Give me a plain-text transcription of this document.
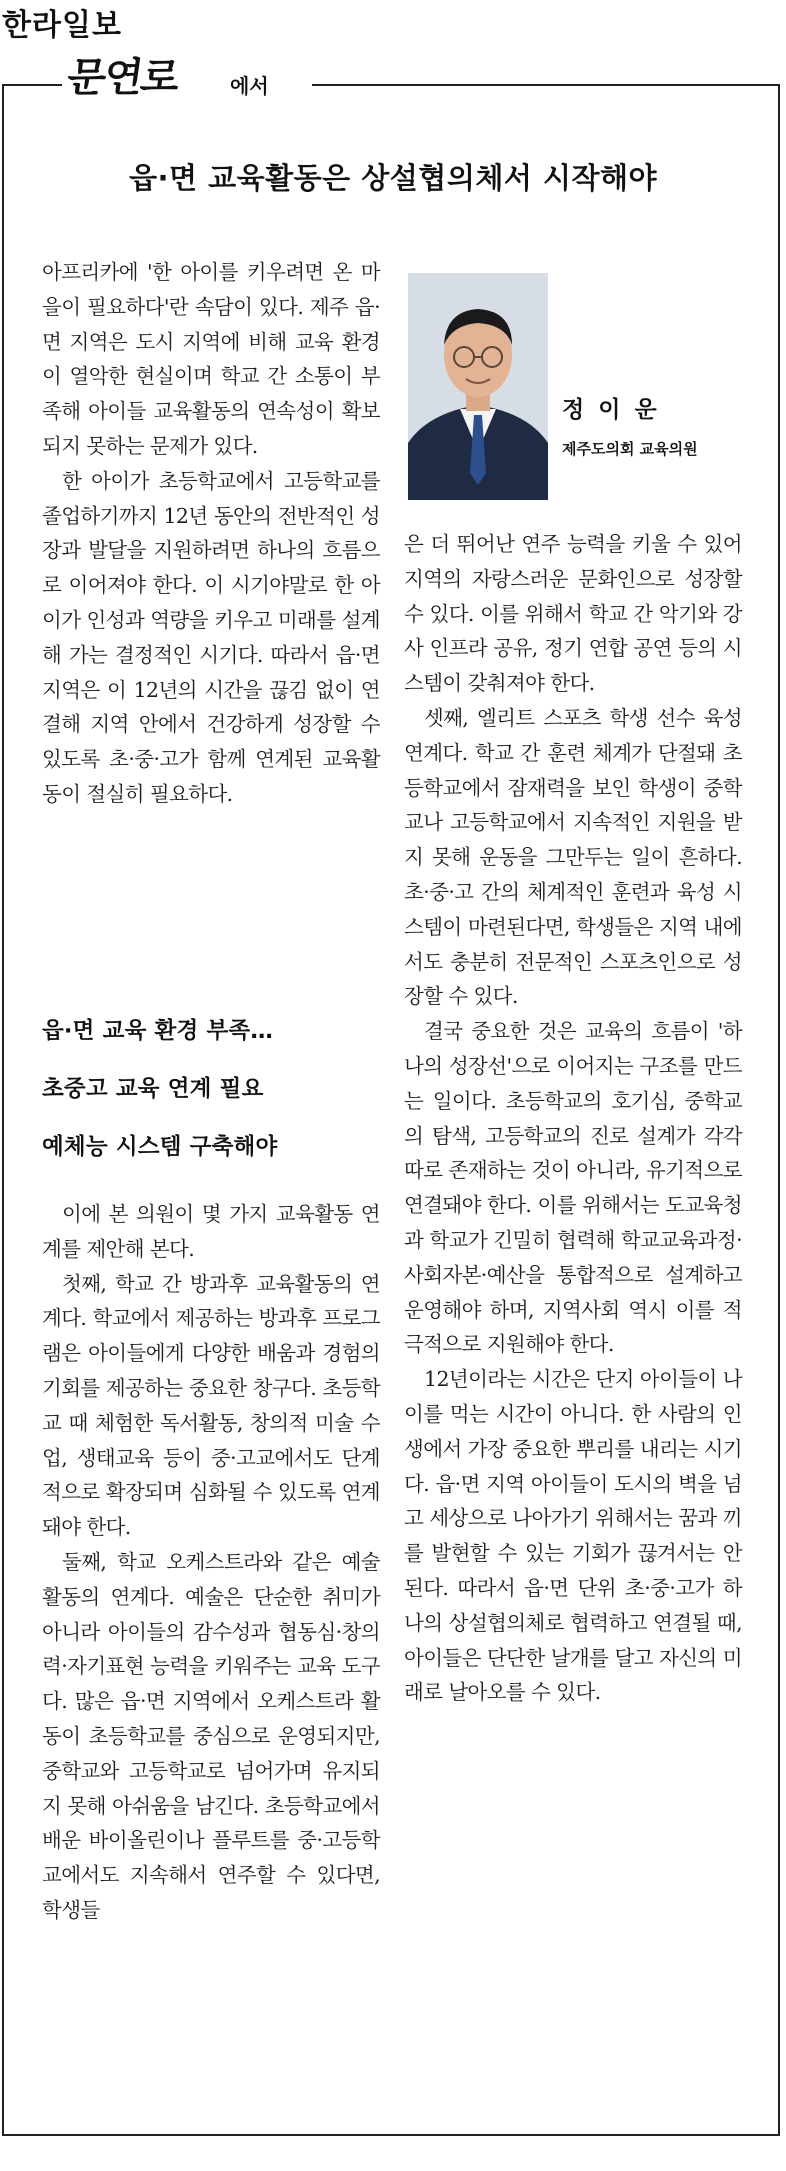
한라일보
문연로 에서
읍·면 교육활동은 상설협의체서 시작해야

아프리카에 '한 아이를 키우려면 온 마을이 필요하다'란 속담이 있다. 제주 읍·면 지역은 도시 지역에 비해 교육 환경이 열악한 현실이며 학교 간 소통이 부족해 아이들 교육활동의 연속성이 확보되지 못하는 문제가 있다.

한 아이가 초등학교에서 고등학교를 졸업하기까지 12년 동안의 전반적인 성장과 발달을 지원하려면 하나의 흐름으로 이어져야 한다. 이 시기야말로 한 아이가 인성과 역량을 키우고 미래를 설계해 가는 결정적인 시기다. 따라서 읍·면 지역은 이 12년의 시간을 끊김 없이 연결해 지역 안에서 건강하게 성장할 수 있도록 초·중·고가 함께 연계된 교육활동이 절실히 필요하다.

읍·면 교육 환경 부족…
초중고 교육 연계 필요
예체능 시스템 구축해야

이에 본 의원이 몇 가지 교육활동 연계를 제안해 본다.

첫째, 학교 간 방과후 교육활동의 연계다. 학교에서 제공하는 방과후 프로그램은 아이들에게 다양한 배움과 경험의 기회를 제공하는 중요한 창구다. 초등학교 때 체험한 독서활동, 창의적 미술 수업, 생태교육 등이 중·고교에서도 단계적으로 확장되며 심화될 수 있도록 연계돼야 한다.

둘째, 학교 오케스트라와 같은 예술 활동의 연계다. 예술은 단순한 취미가 아니라 아이들의 감수성과 협동심·창의력·자기표현 능력을 키워주는 교육 도구다. 많은 읍·면 지역에서 오케스트라 활동이 초등학교를 중심으로 운영되지만, 중학교와 고등학교로 넘어가며 유지되지 못해 아쉬움을 남긴다. 초등학교에서 배운 바이올린이나 플루트를 중·고등학교에서도 지속해서 연주할 수 있다면, 학생들

정 이 운
제주도의회 교육의원

은 더 뛰어난 연주 능력을 키울 수 있어 지역의 자랑스러운 문화인으로 성장할 수 있다. 이를 위해서 학교 간 악기와 강사 인프라 공유, 정기 연합 공연 등의 시스템이 갖춰져야 한다.

셋째, 엘리트 스포츠 학생 선수 육성 연계다. 학교 간 훈련 체계가 단절돼 초등학교에서 잠재력을 보인 학생이 중학교나 고등학교에서 지속적인 지원을 받지 못해 운동을 그만두는 일이 흔하다. 초·중·고 간의 체계적인 훈련과 육성 시스템이 마련된다면, 학생들은 지역 내에서도 충분히 전문적인 스포츠인으로 성장할 수 있다.

결국 중요한 것은 교육의 흐름이 '하나의 성장선'으로 이어지는 구조를 만드는 일이다. 초등학교의 호기심, 중학교의 탐색, 고등학교의 진로 설계가 각각 따로 존재하는 것이 아니라, 유기적으로 연결돼야 한다. 이를 위해서는 도교육청과 학교가 긴밀히 협력해 학교교육과정·사회자본·예산을 통합적으로 설계하고 운영해야 하며, 지역사회 역시 이를 적극적으로 지원해야 한다.

12년이라는 시간은 단지 아이들이 나이를 먹는 시간이 아니다. 한 사람의 인생에서 가장 중요한 뿌리를 내리는 시기다. 읍·면 지역 아이들이 도시의 벽을 넘고 세상으로 나아가기 위해서는 꿈과 끼를 발현할 수 있는 기회가 끊겨서는 안 된다. 따라서 읍·면 단위 초·중·고가 하나의 상설협의체로 협력하고 연결될 때, 아이들은 단단한 날개를 달고 자신의 미래로 날아오를 수 있다.
